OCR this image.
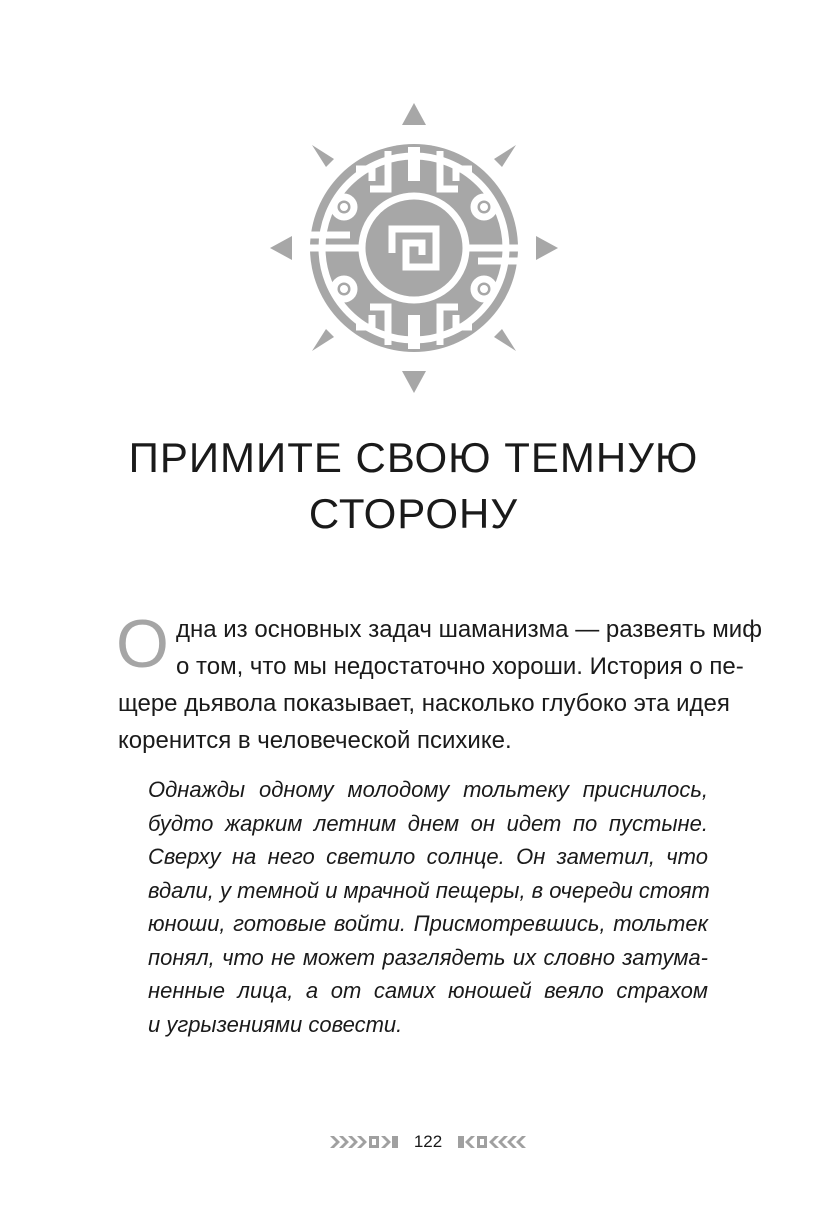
ПРИМИТЕ СВОЮ ТЕМНУЮ
СТОРОНУ
О дна из основных задач шаманизма — развеять миф
о том, что мы недостаточно хороши. История о пе-
щере дьявола показывает, насколько глубоко эта идея
коренится в человеческой психике.

Однажды одному молодому тольтеку приснилось,
будто жарким летним днем он идет по пустыне.
Сверху на него светило солнце. Он заметил, что
вдали, у темной и мрачной пещеры, в очереди стоят
юноши, готовые войти. Присмотревшись, тольтек
понял, что не может разглядеть их словно затума-
ненные лица, а от самих юношей веяло страхом
и угрызениями совести.

122
